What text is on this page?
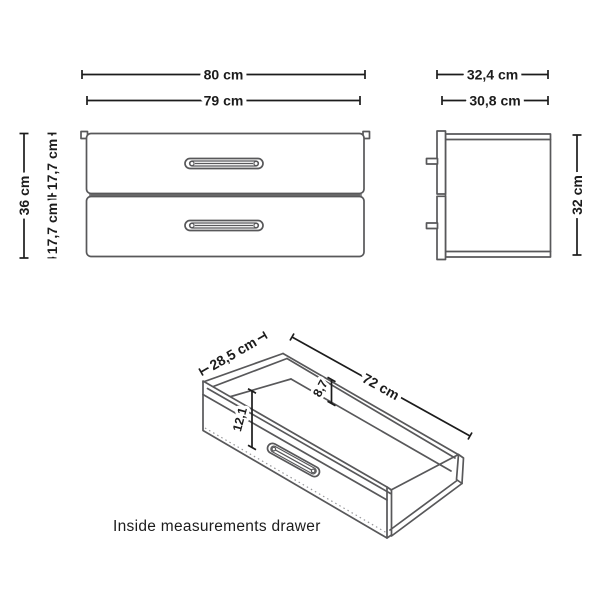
80 cm
79 cm
32,4 cm
30,8 cm
36 cm
17,7 cm
17,7 cm
32 cm
28,5 cm
72 cm
8,7
12,1
Inside measurements drawer
